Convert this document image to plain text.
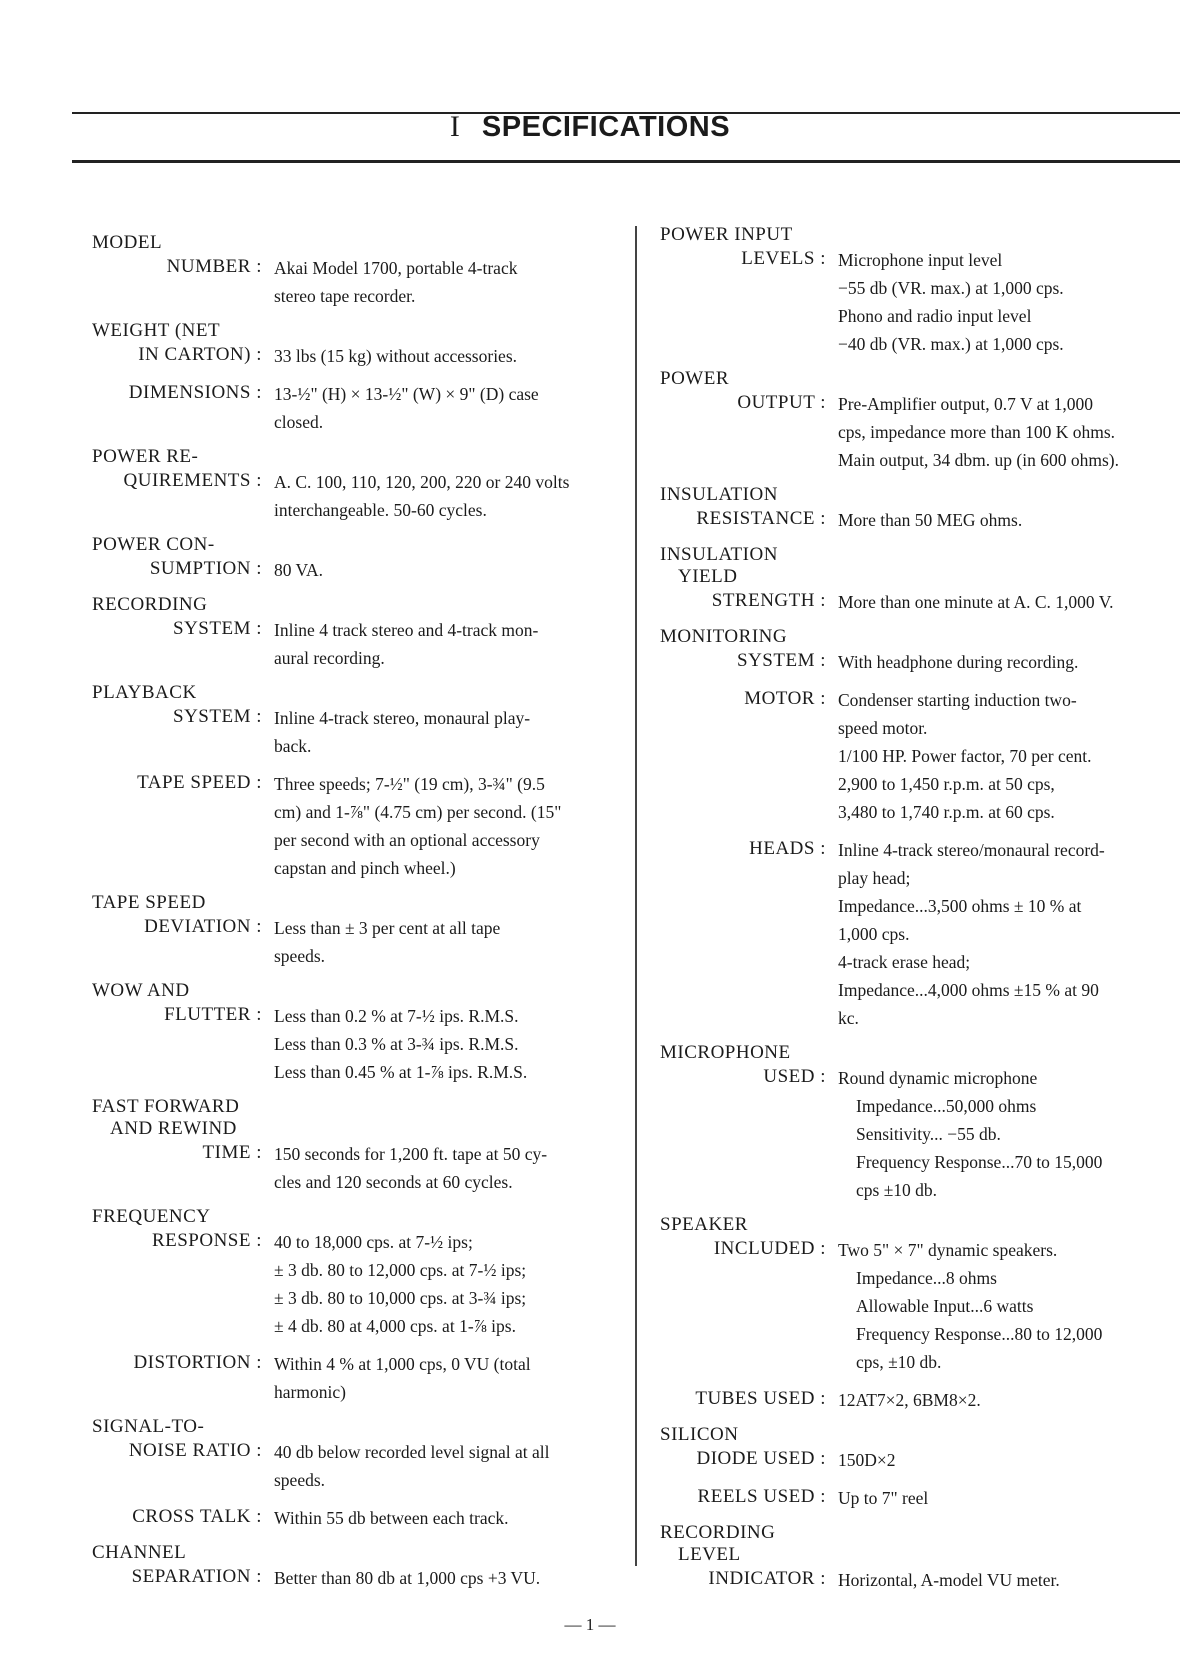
I SPECIFICATIONS
MODEL
NUMBER : Akai Model 1700, portable 4-track
stereo tape recorder.
WEIGHT (NET
IN CARTON) : 33 lbs (15 kg) without accessories.
DIMENSIONS : 13-½" (H) × 13-½" (W) × 9" (D) case
closed.
POWER RE-
QUIREMENTS : A. C. 100, 110, 120, 200, 220 or 240 volts
interchangeable. 50-60 cycles.
POWER CON-
SUMPTION : 80 VA.
RECORDING
SYSTEM : Inline 4 track stereo and 4-track mon-
aural recording.
PLAYBACK
SYSTEM : Inline 4-track stereo, monaural play-
back.
TAPE SPEED : Three speeds; 7-½" (19 cm), 3-¾" (9.5
cm) and 1-⅞" (4.75 cm) per second. (15"
per second with an optional accessory
capstan and pinch wheel.)
TAPE SPEED
DEVIATION : Less than ± 3 per cent at all tape
speeds.
WOW AND
FLUTTER : Less than 0.2 % at 7-½ ips. R.M.S.
Less than 0.3 % at 3-¾ ips. R.M.S.
Less than 0.45 % at 1-⅞ ips. R.M.S.
FAST FORWARD
AND REWIND
TIME : 150 seconds for 1,200 ft. tape at 50 cy-
cles and 120 seconds at 60 cycles.
FREQUENCY
RESPONSE : 40 to 18,000 cps. at 7-½ ips;
± 3 db. 80 to 12,000 cps. at 7-½ ips;
± 3 db. 80 to 10,000 cps. at 3-¾ ips;
± 4 db. 80 at 4,000 cps. at 1-⅞ ips.
DISTORTION : Within 4 % at 1,000 cps, 0 VU (total
harmonic)
SIGNAL-TO-
NOISE RATIO : 40 db below recorded level signal at all
speeds.
CROSS TALK : Within 55 db between each track.
CHANNEL
SEPARATION : Better than 80 db at 1,000 cps +3 VU.
POWER INPUT
LEVELS : Microphone input level
−55 db (VR. max.) at 1,000 cps.
Phono and radio input level
−40 db (VR. max.) at 1,000 cps.
POWER
OUTPUT : Pre-Amplifier output, 0.7 V at 1,000
cps, impedance more than 100 K ohms.
Main output, 34 dbm. up (in 600 ohms).
INSULATION
RESISTANCE : More than 50 MEG ohms.
INSULATION
YIELD
STRENGTH : More than one minute at A. C. 1,000 V.
MONITORING
SYSTEM : With headphone during recording.
MOTOR : Condenser starting induction two-
speed motor.
1/100 HP. Power factor, 70 per cent.
2,900 to 1,450 r.p.m. at 50 cps,
3,480 to 1,740 r.p.m. at 60 cps.
HEADS : Inline 4-track stereo/monaural record-
play head;
Impedance...3,500 ohms ± 10 % at
1,000 cps.
4-track erase head;
Impedance...4,000 ohms ±15 % at 90
kc.
MICROPHONE
USED : Round dynamic microphone
Impedance...50,000 ohms
Sensitivity... −55 db.
Frequency Response...70 to 15,000
cps ±10 db.
SPEAKER
INCLUDED : Two 5" × 7" dynamic speakers.
Impedance...8 ohms
Allowable Input...6 watts
Frequency Response...80 to 12,000
cps, ±10 db.
TUBES USED : 12AT7×2, 6BM8×2.
SILICON
DIODE USED : 150D×2
REELS USED : Up to 7" reel
RECORDING
LEVEL
INDICATOR : Horizontal, A-model VU meter.
— 1 —
